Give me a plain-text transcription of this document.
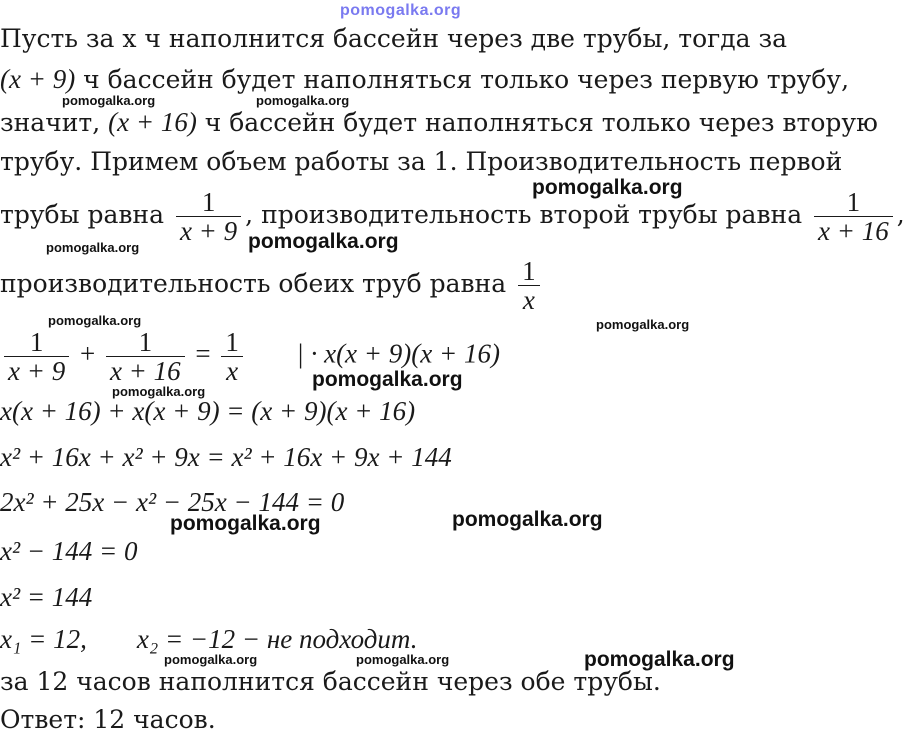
pomogalka.org
Пусть за x ч наполнится бассейн через две трубы, тогда за
(x + 9) ч бассейн будет наполняться только через первую трубу,
pomogalka.org	pomogalka.org
значит, (x + 16) ч бассейн будет наполняться только через вторую
трубу. Примем объем работы за 1. Производительность первой
pomogalka.org
трубы равна $\frac{1}{x + 9}$ , производительность второй трубы равна $\frac{1}{x + 16}$ ,
pomogalka.org
pomogalka.org
производительность обеих труб равна $\frac{1}{x}$
pomogalka.org	pomogalka.org
$\frac{1}{x + 9} + \frac{1}{x + 16} = \frac{1}{x}$ | · x(x + 9)(x + 16)
pomogalka.org
pomogalka.org
x(x + 16) + x(x + 9) = (x + 9)(x + 16)
x² + 16x + x² + 9x = x² + 16x + 9x + 144
2x² + 25x − x² − 25x − 144 = 0
pomogalka.org	pomogalka.org
x² − 144 = 0
x² = 144
x₁ = 12, x₂ = −12 − не подходит.
pomogalka.org	pomogalka.org	pomogalka.org
за 12 часов наполнится бассейн через обе трубы.
Ответ: 12 часов.
